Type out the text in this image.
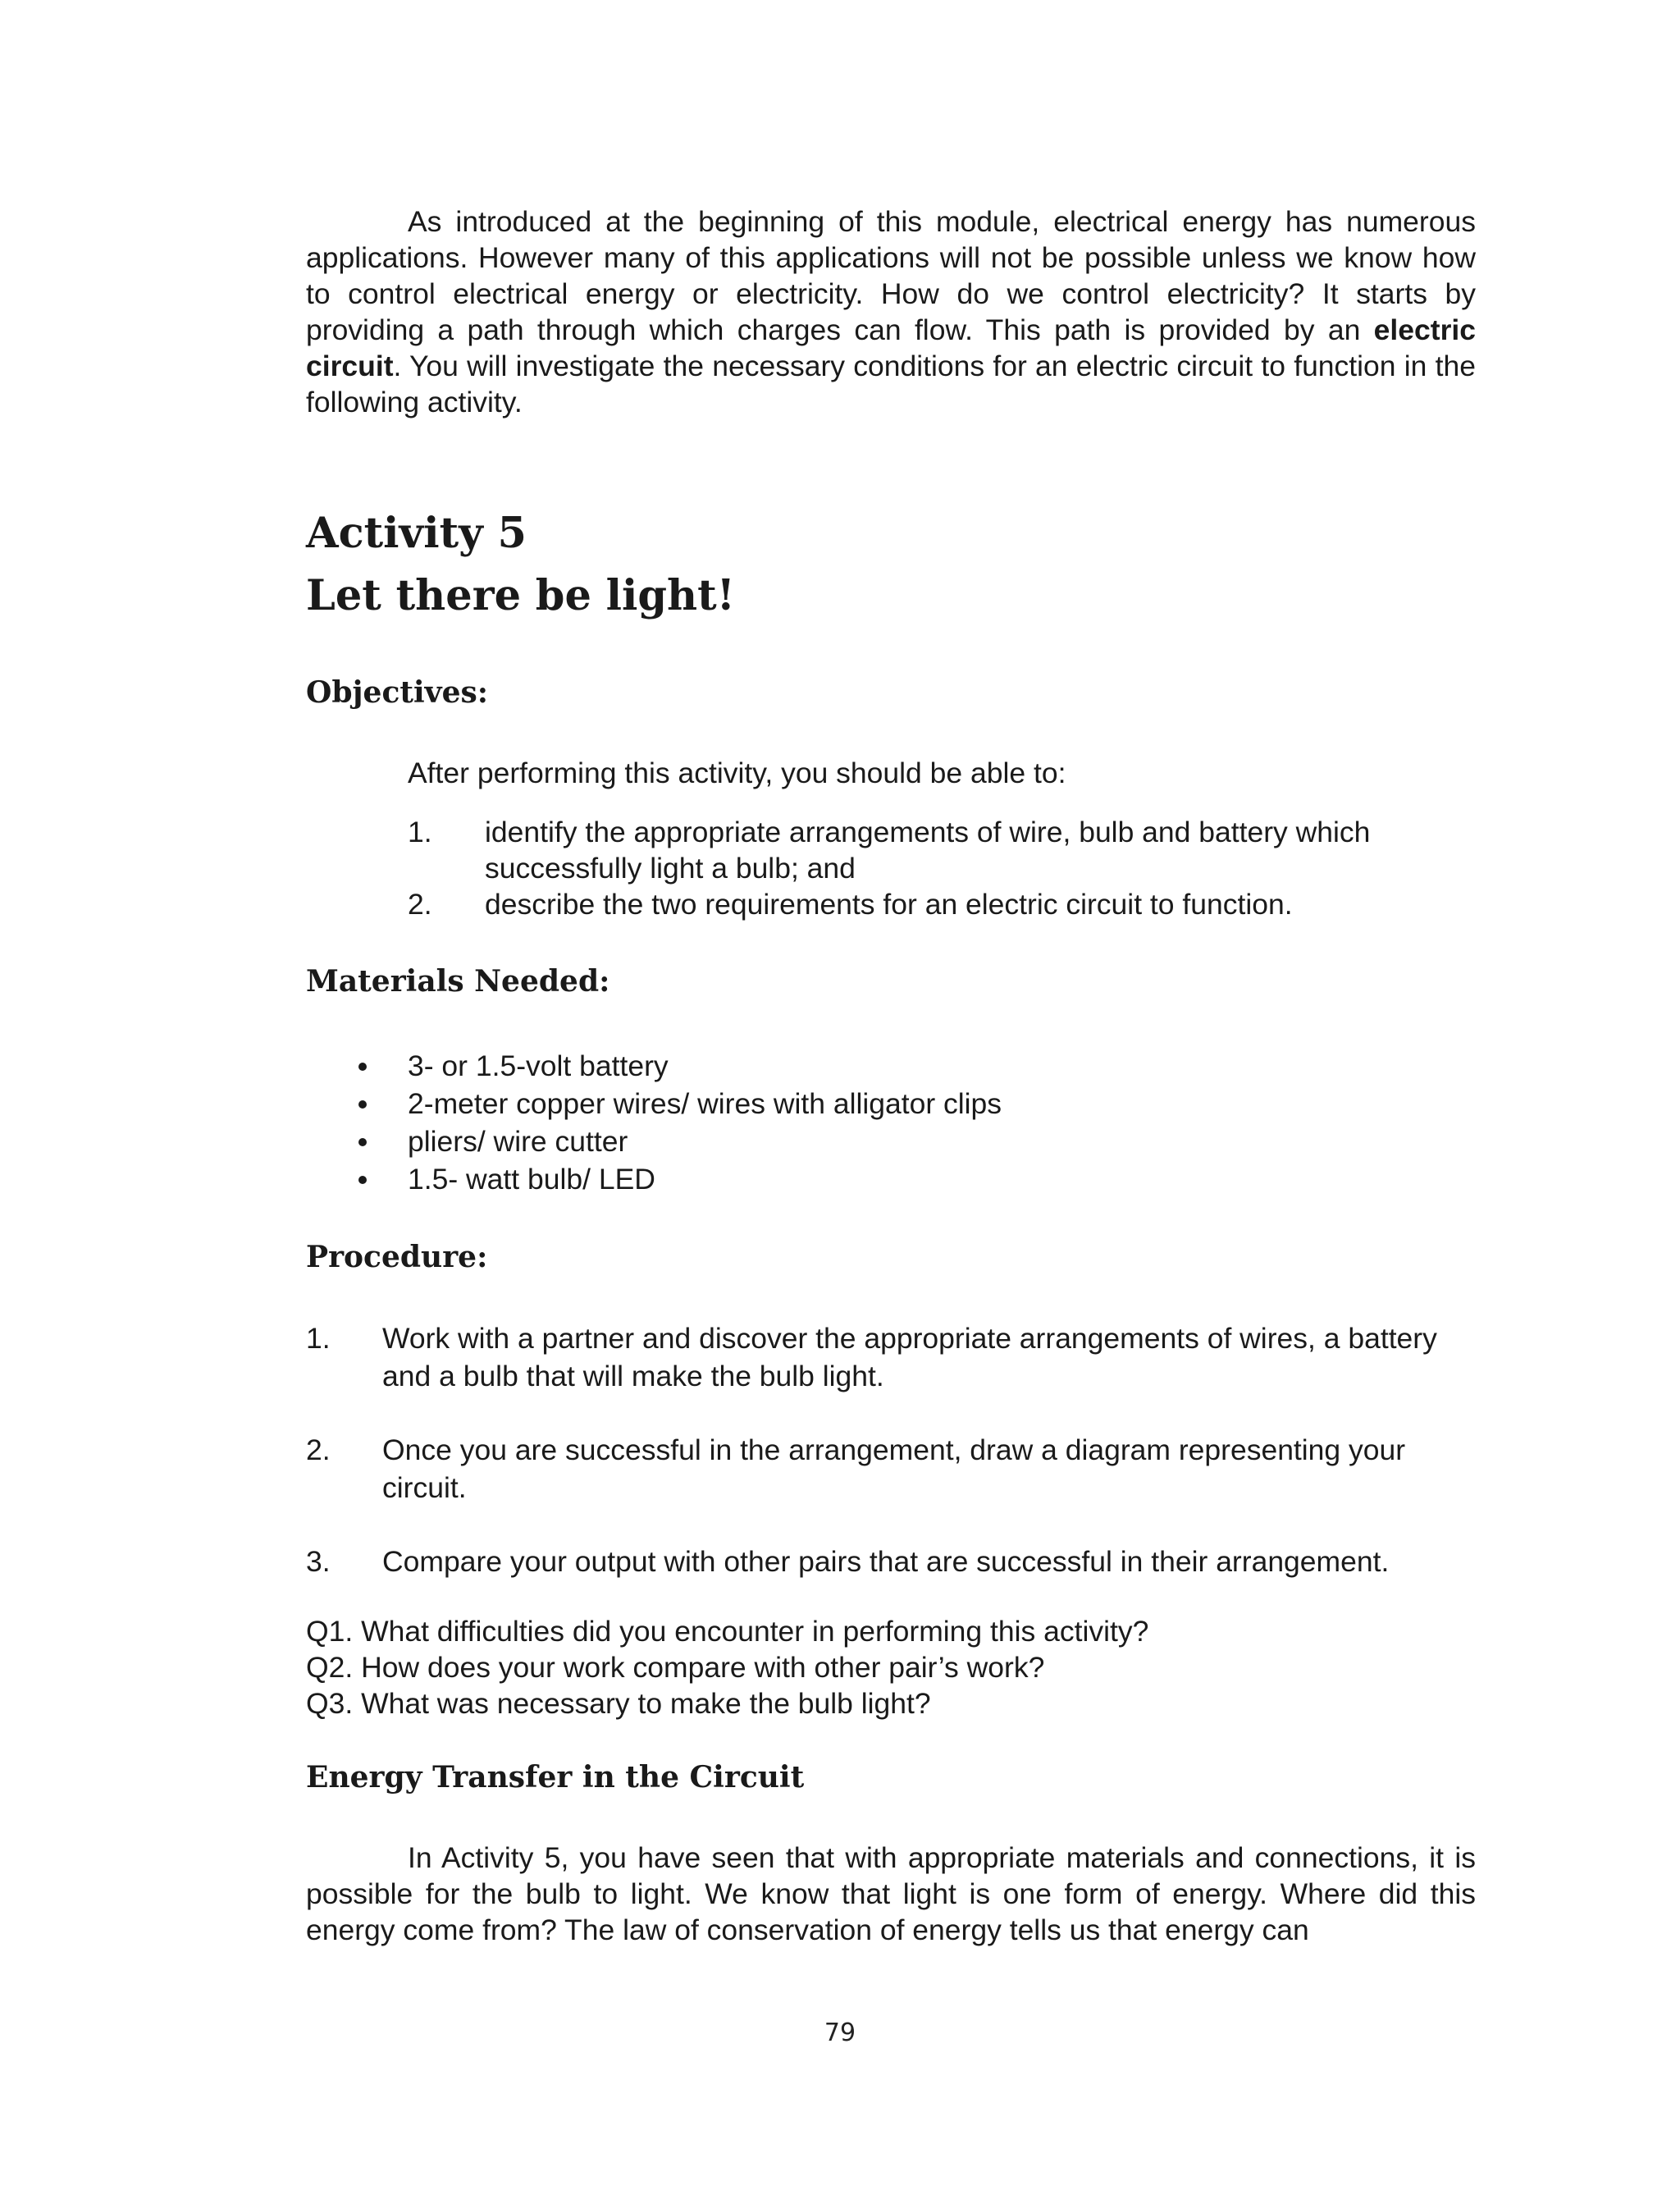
As introduced at the beginning of this module, electrical energy has numerous applications. However many of this applications will not be possible unless we know how to control electrical energy or electricity. How do we control electricity? It starts by providing a path through which charges can flow. This path is provided by an electric circuit. You will investigate the necessary conditions for an electric circuit to function in the following activity.

Activity 5
Let there be light!
Objectives:

After performing this activity, you should be able to:

1.	identify the appropriate arrangements of wire, bulb and battery which successfully light a bulb; and
2.	describe the two requirements for an electric circuit to function.
Materials Needed:
3- or 1.5-volt battery
2-meter copper wires/ wires with alligator clips
pliers/ wire cutter
1.5- watt bulb/ LED
Procedure:
1.	Work with a partner and discover the appropriate arrangements of wires, a battery and a bulb that will make the bulb light.
2.	Once you are successful in the arrangement, draw a diagram representing your circuit.
3.	Compare your output with other pairs that are successful in their arrangement.

Q1. What difficulties did you encounter in performing this activity?

Q2. How does your work compare with other pair’s work?

Q3. What was necessary to make the bulb light?

Energy Transfer in the Circuit

In Activity 5, you have seen that with appropriate materials and connections, it is possible for the bulb to light. We know that light is one form of energy. Where did this energy come from? The law of conservation of energy tells us that energy can

79
